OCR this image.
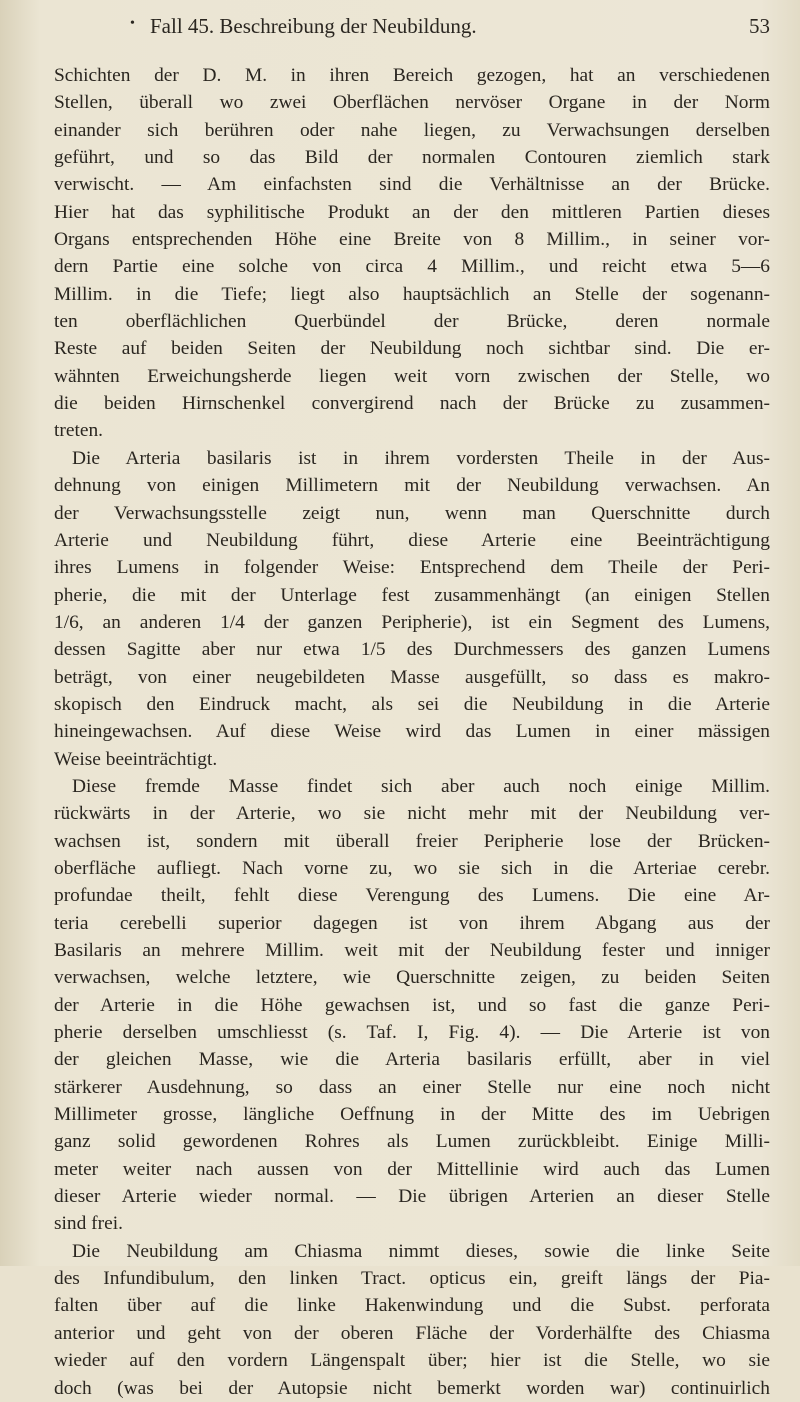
• Fall 45. Beschreibung der Neubildung.	53
Schichten der D. M. in ihren Bereich gezogen, hat an verschiedenen
Stellen, überall wo zwei Oberflächen nervöser Organe in der Norm
einander sich berühren oder nahe liegen, zu Verwachsungen derselben
geführt, und so das Bild der normalen Contouren ziemlich stark
verwischt. — Am einfachsten sind die Verhältnisse an der Brücke.
Hier hat das syphilitische Produkt an der den mittleren Partien dieses
Organs entsprechenden Höhe eine Breite von 8 Millim., in seiner vor-
dern Partie eine solche von circa 4 Millim., und reicht etwa 5—6
Millim. in die Tiefe; liegt also hauptsächlich an Stelle der sogenann-
ten oberflächlichen Querbündel der Brücke, deren normale
Reste auf beiden Seiten der Neubildung noch sichtbar sind. Die er-
wähnten Erweichungsherde liegen weit vorn zwischen der Stelle, wo
die beiden Hirnschenkel convergirend nach der Brücke zu zusammen-
treten.
Die Arteria basilaris ist in ihrem vordersten Theile in der Aus-
dehnung von einigen Millimetern mit der Neubildung verwachsen. An
der Verwachsungsstelle zeigt nun, wenn man Querschnitte durch
Arterie und Neubildung führt, diese Arterie eine Beeinträchtigung
ihres Lumens in folgender Weise: Entsprechend dem Theile der Peri-
pherie, die mit der Unterlage fest zusammenhängt (an einigen Stellen
1/6, an anderen 1/4 der ganzen Peripherie), ist ein Segment des Lumens,
dessen Sagitte aber nur etwa 1/5 des Durchmessers des ganzen Lumens
beträgt, von einer neugebildeten Masse ausgefüllt, so dass es makro-
skopisch den Eindruck macht, als sei die Neubildung in die Arterie
hineingewachsen. Auf diese Weise wird das Lumen in einer mässigen
Weise beeinträchtigt.
Diese fremde Masse findet sich aber auch noch einige Millim.
rückwärts in der Arterie, wo sie nicht mehr mit der Neubildung ver-
wachsen ist, sondern mit überall freier Peripherie lose der Brücken-
oberfläche aufliegt. Nach vorne zu, wo sie sich in die Arteriae cerebr.
profundae theilt, fehlt diese Verengung des Lumens. Die eine Ar-
teria cerebelli superior dagegen ist von ihrem Abgang aus der
Basilaris an mehrere Millim. weit mit der Neubildung fester und inniger
verwachsen, welche letztere, wie Querschnitte zeigen, zu beiden Seiten
der Arterie in die Höhe gewachsen ist, und so fast die ganze Peri-
pherie derselben umschliesst (s. Taf. I, Fig. 4). — Die Arterie ist von
der gleichen Masse, wie die Arteria basilaris erfüllt, aber in viel
stärkerer Ausdehnung, so dass an einer Stelle nur eine noch nicht
Millimeter grosse, längliche Oeffnung in der Mitte des im Uebrigen
ganz solid gewordenen Rohres als Lumen zurückbleibt. Einige Milli-
meter weiter nach aussen von der Mittellinie wird auch das Lumen
dieser Arterie wieder normal. — Die übrigen Arterien an dieser Stelle
sind frei.
Die Neubildung am Chiasma nimmt dieses, sowie die linke Seite
des Infundibulum, den linken Tract. opticus ein, greift längs der Pia-
falten über auf die linke Hakenwindung und die Subst. perforata
anterior und geht von der oberen Fläche der Vorderhälfte des Chiasma
wieder auf den vordern Längenspalt über; hier ist die Stelle, wo sie
doch (was bei der Autopsie nicht bemerkt worden war) continuirlich
